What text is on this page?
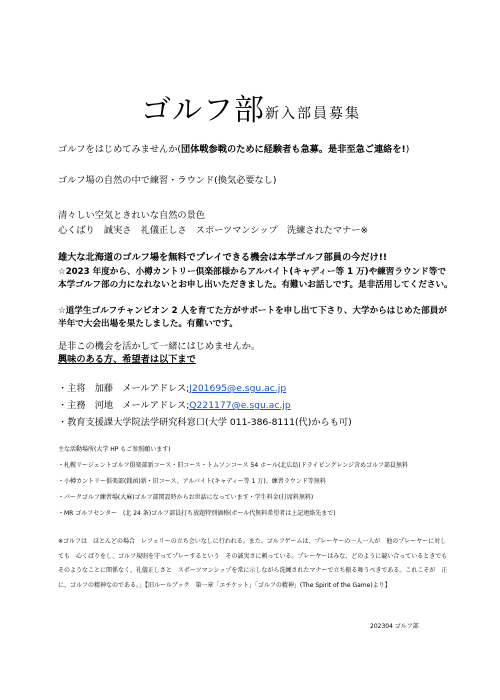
ゴルフ部 新入部員募集
ゴルフをはじめてみませんか(団体戦参戦のために経験者も急募。是非至急ご連絡を!)
ゴルフ場の自然の中で練習・ラウンド(換気必要なし)
清々しい空気ときれいな自然の景色
心くばり　誠実さ　礼儀正しさ　スポーツマンシップ　洗練されたマナー※
雄大な北海道のゴルフ場を無料でプレイできる機会は本学ゴルフ部員の今だけ!!
☆2023 年度から、小樽カントリー倶楽部様からアルバイト(キャディー等 1 万)や練習ラウンド等で本学ゴルフ部の力になれないとお申し出いただきました。有難いお話しです。是非活用してください。
☆道学生ゴルフチャンピオン 2 人を育てた方がサポートを申し出て下さり、大学からはじめた部員が半年で大会出場を果たしました。有難いです。
是非この機会を活かして一緒にはじめませんか。
興味のある方、希望者は以下まで
・主将　加藤　メールアドレス;J201695@e.sgu.ac.jp
・主務　河地　メールアドレス;Q221177@e.sgu.ac.jp
・教育支援課大学院法学研究科窓口(大学 011-386-8111(代)からも可)
主な活動場所(大学 HP もご参照願います)
・札幌リージェントゴルフ倶楽部新コース・旧コース・トムソンコース 54 ホール(北広島)ドライビングレンジ含めゴルフ部員無料
・小樽カントリー倶楽部(銭函)新・旧コース、アルバイト(キャディー等 1 万)、練習ラウンド等無料
・パークゴルフ練習場(大麻)ゴルフ部関設時からお世話になっています・学生料金(打席料無料)
・MR ゴルフセンター　(北 24 条)ゴルフ部員打ち放題特別価格(ボール代無料希望者は上記連絡先まで)
※ゴルフは　ほとんどの場合　レフェリーの立ち会いなしに行われる。また、ゴルフゲームは、プレーヤーの一人一人が　他のプレーヤーに対しても　心くばりをし、ゴルフ規則を守ってプレーするという　その誠実さに頼っている。プレーヤーはみな、どのように競い合っているときでも　そのようなことに関係なく、礼儀正しさと　スポーツマンシップを常に示しながら洗練されたマナーで立ち振る舞うべきである。これこそが　正に、ゴルフの精神なのである。」【旧ルールブック　第一章「エチケット」「ゴルフの精神」(The Spirit of the Game)より】
202304 ゴルフ部
